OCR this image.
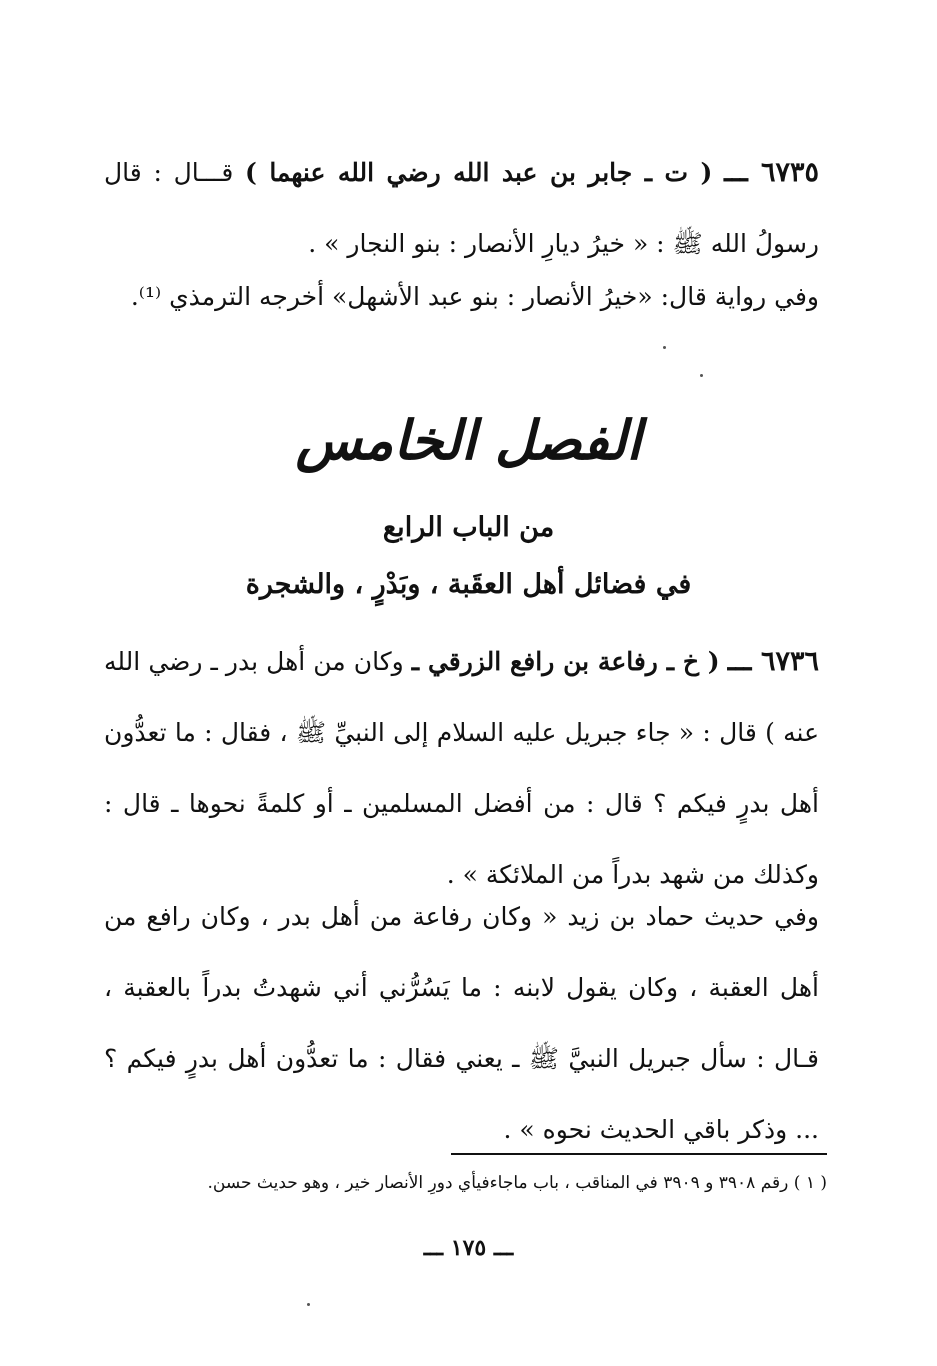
٦٧٣٥ ـــ ( ت ـ جابر بن عبد الله رضي الله عنهما ) قـــال : قال رسولُ الله ﷺ : « خيرُ ديارِ الأنصار : بنو النجار » .

وفي رواية قال: «خيرُ الأنصار : بنو عبد الأشهل» أخرجه الترمذي ⁽¹⁾.

الفصل الخامس
من الباب الرابع
في فضائل أهل العقَبة ، وبَدْرٍ ، والشجرة

٦٧٣٦ ـــ ( خ ـ رفاعة بن رافع الزرقي ـ وكان من أهل بدر ـ رضي الله عنه ) قال : « جاء جبريل عليه السلام إلى النبيِّ ﷺ ، فقال : ما تعدُّون أهل بدرٍ فيكم ؟ قال : من أفضل المسلمين ـ أو كلمةً نحوها ـ قال : وكذلك من شهد بدراً من الملائكة » .

وفي حديث حماد بن زيد « وكان رفاعة من أهل بدر ، وكان رافع من أهل العقبة ، وكان يقول لابنه : ما يَسُرُّني أني شهدتُ بدراً بالعقبة ، قـال : سأل جبريل النبيَّ ﷺ ـ يعني فقال : ما تعدُّون أهل بدرٍ فيكم ؟ ... وذكر باقي الحديث نحوه » .

( ١ ) رقم ٣٩٠٨ و ٣٩٠٩ في المناقب ، باب ماجاءفيأي دورِ الأنصار خير ، وهو حديث حسن.

ـــ ١٧٥ ـــ
